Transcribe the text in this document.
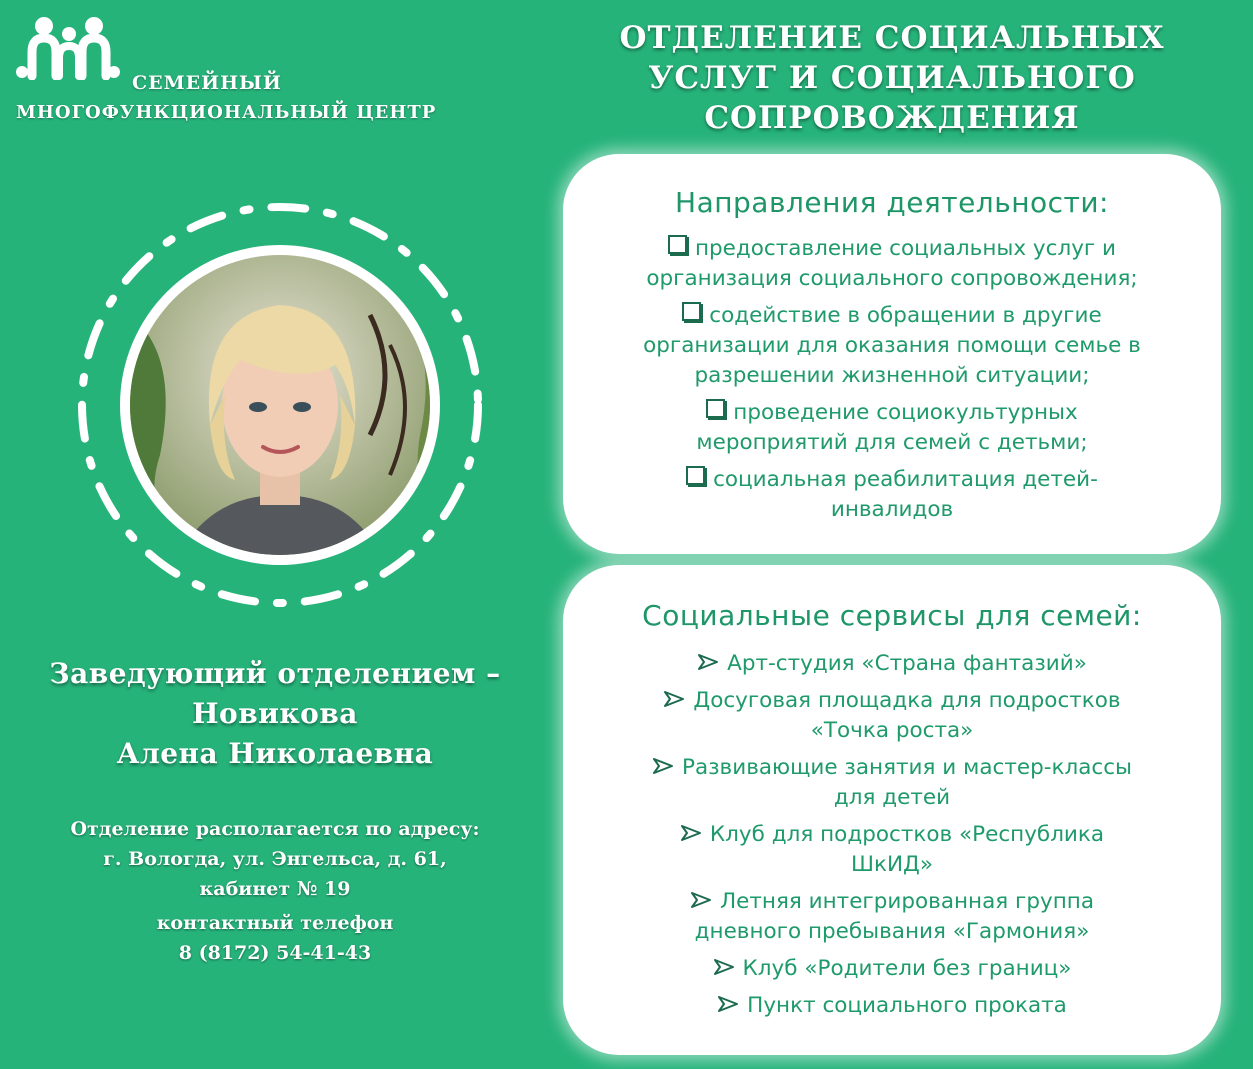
СЕМЕЙНЫЙ
МНОГОФУНКЦИОНАЛЬНЫЙ ЦЕНТР
ОТДЕЛЕНИЕ СОЦИАЛЬНЫХ
УСЛУГ И СОЦИАЛЬНОГО
СОПРОВОЖДЕНИЯ
Заведующий отделением –
Новикова
Алена Николаевна
Отделение располагается по адресу:
г. Вологда, ул. Энгельса, д. 61,
кабинет № 19
контактный телефон
8 (8172) 54-41-43
Направления деятельности:
предоставление социальных услуг и
организация социального сопровождения;
содействие в обращении в другие
организации для оказания помощи семье в
разрешении жизненной ситуации;
проведение социокультурных
мероприятий для семей с детьми;
социальная реабилитация детей-
инвалидов
Социальные сервисы для семей:
Арт-студия «Страна фантазий»
Досуговая площадка для подростков
«Точка роста»
Развивающие занятия и мастер-классы
для детей
Клуб для подростков «Республика
ШкИД»
Летняя интегрированная группа
дневного пребывания «Гармония»
Клуб «Родители без границ»
Пункт социального проката
